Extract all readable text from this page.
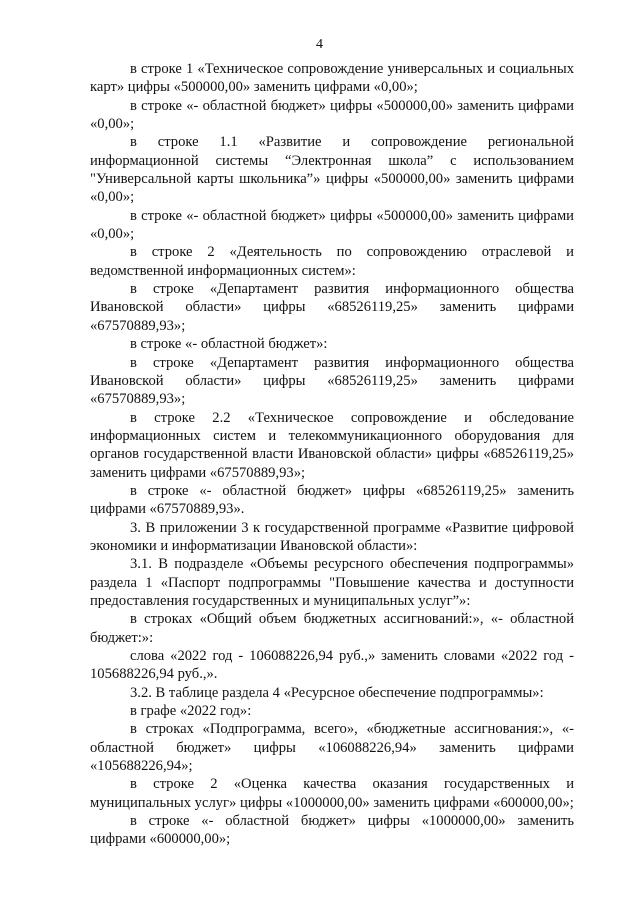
4

в строке 1 «Техническое сопровождение универсальных и социальных карт» цифры «500000,00» заменить цифрами «0,00»;

в строке «- областной бюджет» цифры «500000,00» заменить цифрами «0,00»;

в строке 1.1 «Развитие и сопровождение региональной информационной системы “Электронная школа” с использованием "Универсальной карты школьника”» цифры «500000,00» заменить цифрами «0,00»;

в строке «- областной бюджет» цифры «500000,00» заменить цифрами «0,00»;

в строке 2 «Деятельность по сопровождению отраслевой и ведомственной информационных систем»:

в строке «Департамент развития информационного общества Ивановской области» цифры «68526119,25» заменить цифрами «67570889,93»;

в строке «- областной бюджет»:

в строке «Департамент развития информационного общества Ивановской области» цифры «68526119,25» заменить цифрами «67570889,93»;

в строке 2.2 «Техническое сопровождение и обследование информационных систем и телекоммуникационного оборудования для органов государственной власти Ивановской области» цифры «68526119,25» заменить цифрами «67570889,93»;

в строке «- областной бюджет» цифры «68526119,25» заменить цифрами «67570889,93».

3. В приложении 3 к государственной программе «Развитие цифровой экономики и информатизации Ивановской области»:

3.1. В подразделе «Объемы ресурсного обеспечения подпрограммы» раздела 1 «Паспорт подпрограммы "Повышение качества и доступности предоставления государственных и муниципальных услуг”»:

в строках «Общий объем бюджетных ассигнований:», «- областной бюджет:»:

слова «2022 год - 106088226,94 руб.,» заменить словами «2022 год - 105688226,94 руб.,».

3.2. В таблице раздела 4 «Ресурсное обеспечение подпрограммы»:

в графе «2022 год»:

в строках «Подпрограмма, всего», «бюджетные ассигнования:», «- областной бюджет» цифры «106088226,94» заменить цифрами «105688226,94»;

в строке 2 «Оценка качества оказания государственных и муниципальных услуг» цифры «1000000,00» заменить цифрами «600000,00»;

в строке «- областной бюджет» цифры «1000000,00» заменить цифрами «600000,00»;
